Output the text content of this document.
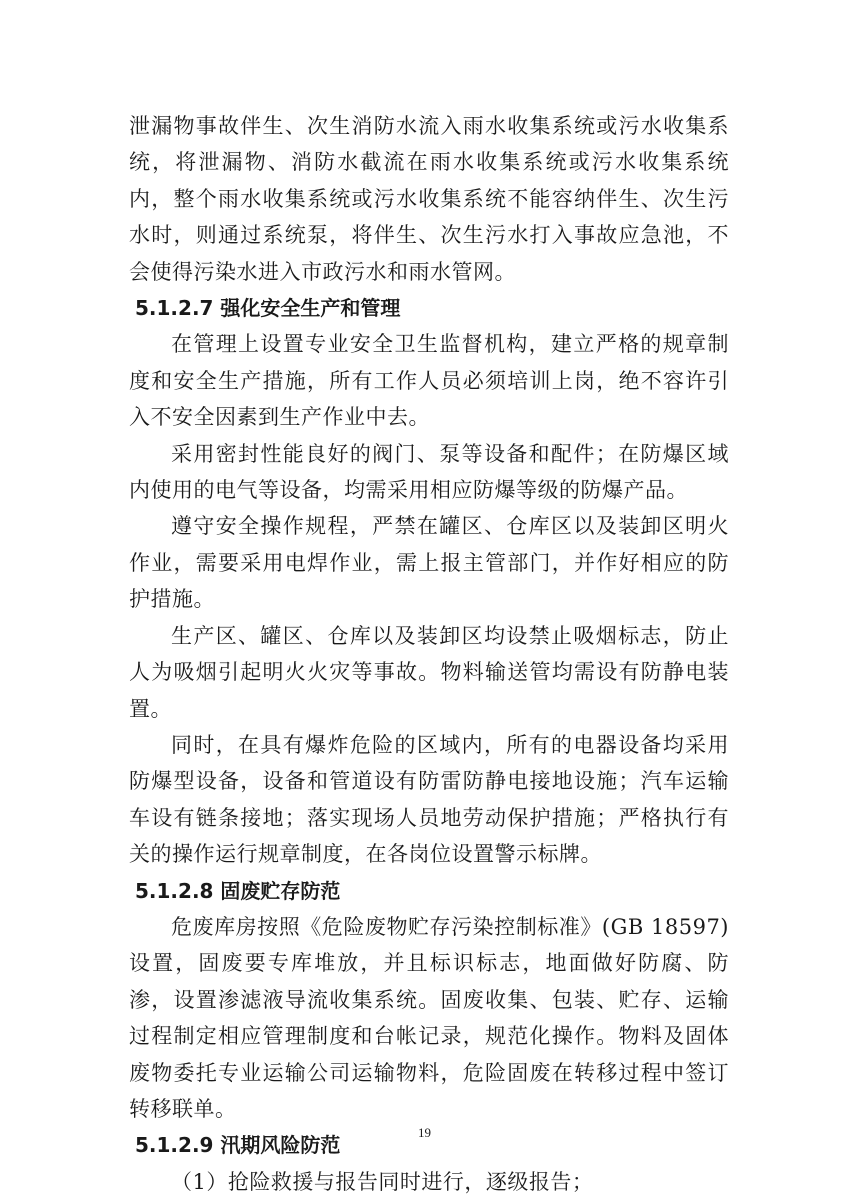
泄漏物事故伴生、次生消防水流入雨水收集系统或污水收集系统，将泄漏物、消防水截流在雨水收集系统或污水收集系统内，整个雨水收集系统或污水收集系统不能容纳伴生、次生污水时，则通过系统泵，将伴生、次生污水打入事故应急池，不会使得污染水进入市政污水和雨水管网。

5.1.2.7 强化安全生产和管理

在管理上设置专业安全卫生监督机构，建立严格的规章制度和安全生产措施，所有工作人员必须培训上岗，绝不容许引入不安全因素到生产作业中去。

采用密封性能良好的阀门、泵等设备和配件；在防爆区域内使用的电气等设备，均需采用相应防爆等级的防爆产品。

遵守安全操作规程，严禁在罐区、仓库区以及装卸区明火作业，需要采用电焊作业，需上报主管部门，并作好相应的防护措施。

生产区、罐区、仓库以及装卸区均设禁止吸烟标志，防止人为吸烟引起明火火灾等事故。物料输送管均需设有防静电装置。

同时，在具有爆炸危险的区域内，所有的电器设备均采用防爆型设备，设备和管道设有防雷防静电接地设施；汽车运输车设有链条接地；落实现场人员地劳动保护措施；严格执行有关的操作运行规章制度，在各岗位设置警示标牌。

5.1.2.8 固废贮存防范

危废库房按照《危险废物贮存污染控制标准》(GB 18597)设置，固废要专库堆放，并且标识标志，地面做好防腐、防渗，设置渗滤液导流收集系统。固废收集、包装、贮存、运输过程制定相应管理制度和台帐记录，规范化操作。物料及固体废物委托专业运输公司运输物料，危险固废在转移过程中签订转移联单。

5.1.2.9 汛期风险防范

（1）抢险救援与报告同时进行，逐级报告；

19
